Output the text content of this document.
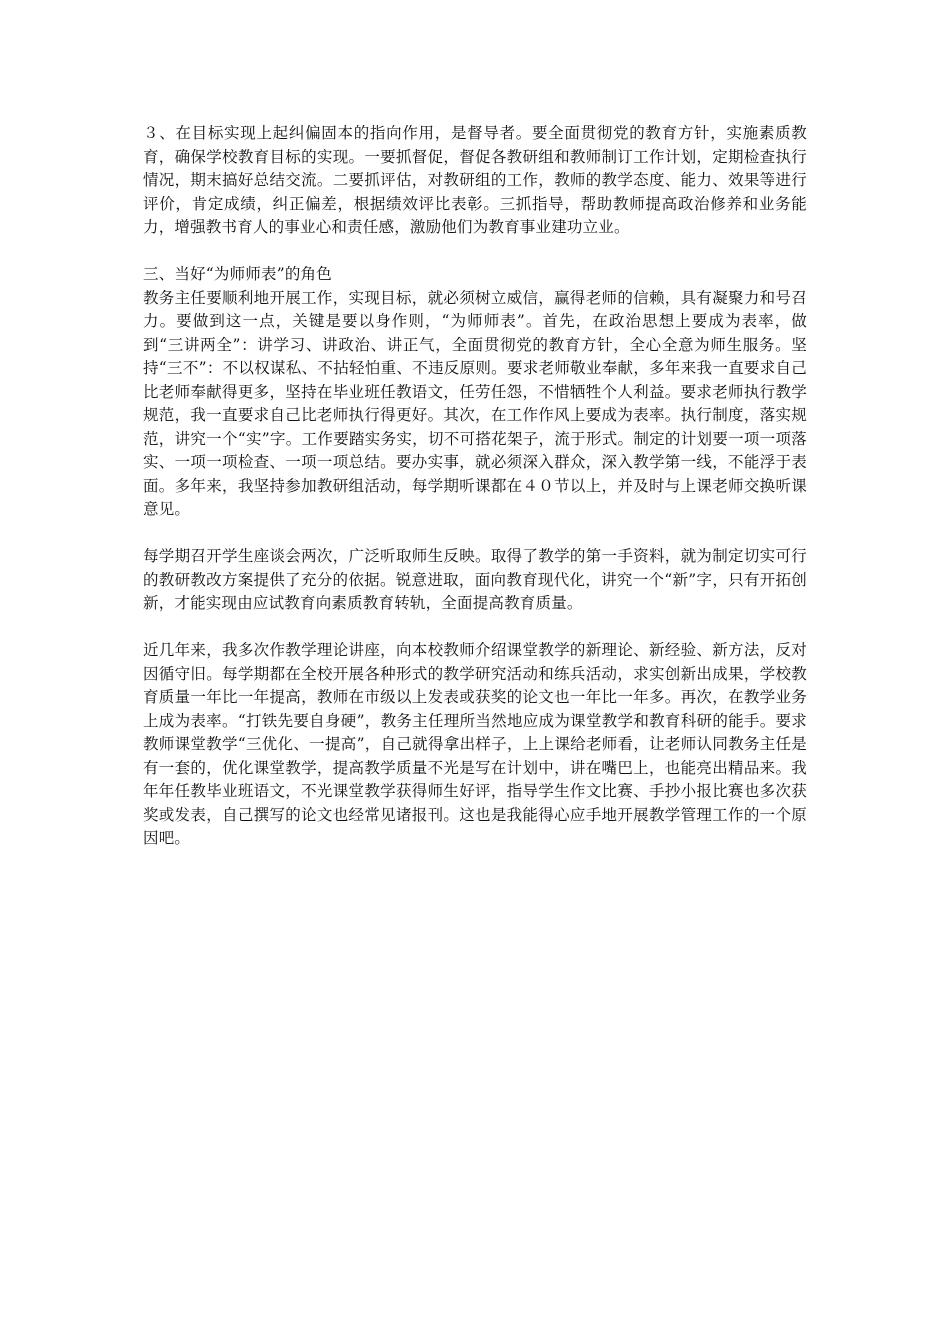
３、在目标实现上起纠偏固本的指向作用，是督导者。要全面贯彻党的教育方针，实施素质教育，确保学校教育目标的实现。一要抓督促，督促各教研组和教师制订工作计划，定期检查执行情况，期末搞好总结交流。二要抓评估，对教研组的工作，教师的教学态度、能力、效果等进行评价，肯定成绩，纠正偏差，根据绩效评比表彰。三抓指导，帮助教师提高政治修养和业务能力，增强教书育人的事业心和责任感，激励他们为教育事业建功立业。

三、当好“为师师表”的角色

教务主任要顺利地开展工作，实现目标，就必须树立威信，赢得老师的信赖，具有凝聚力和号召力。要做到这一点，关键是要以身作则，“为师师表”。首先，在政治思想上要成为表率，做到“三讲两全”：讲学习、讲政治、讲正气，全面贯彻党的教育方针，全心全意为师生服务。坚持“三不”：不以权谋私、不拈轻怕重、不违反原则。要求老师敬业奉献，多年来我一直要求自己比老师奉献得更多，坚持在毕业班任教语文，任劳任怨，不惜牺牲个人利益。要求老师执行教学规范，我一直要求自己比老师执行得更好。其次，在工作作风上要成为表率。执行制度，落实规范，讲究一个“实”字。工作要踏实务实，切不可搭花架子，流于形式。制定的计划要一项一项落实、一项一项检查、一项一项总结。要办实事，就必须深入群众，深入教学第一线，不能浮于表面。多年来，我坚持参加教研组活动，每学期听课都在４０节以上，并及时与上课老师交换听课意见。

每学期召开学生座谈会两次，广泛听取师生反映。取得了教学的第一手资料，就为制定切实可行的教研教改方案提供了充分的依据。锐意进取，面向教育现代化，讲究一个“新”字，只有开拓创新，才能实现由应试教育向素质教育转轨，全面提高教育质量。

近几年来，我多次作教学理论讲座，向本校教师介绍课堂教学的新理论、新经验、新方法，反对因循守旧。每学期都在全校开展各种形式的教学研究活动和练兵活动，求实创新出成果，学校教育质量一年比一年提高，教师在市级以上发表或获奖的论文也一年比一年多。再次，在教学业务上成为表率。“打铁先要自身硬”，教务主任理所当然地应成为课堂教学和教育科研的能手。要求教师课堂教学“三优化、一提高”，自己就得拿出样子，上上课给老师看，让老师认同教务主任是有一套的，优化课堂教学，提高教学质量不光是写在计划中，讲在嘴巴上，也能亮出精品来。我年年任教毕业班语文，不光课堂教学获得师生好评，指导学生作文比赛、手抄小报比赛也多次获奖或发表，自己撰写的论文也经常见诸报刊。这也是我能得心应手地开展教学管理工作的一个原因吧。
